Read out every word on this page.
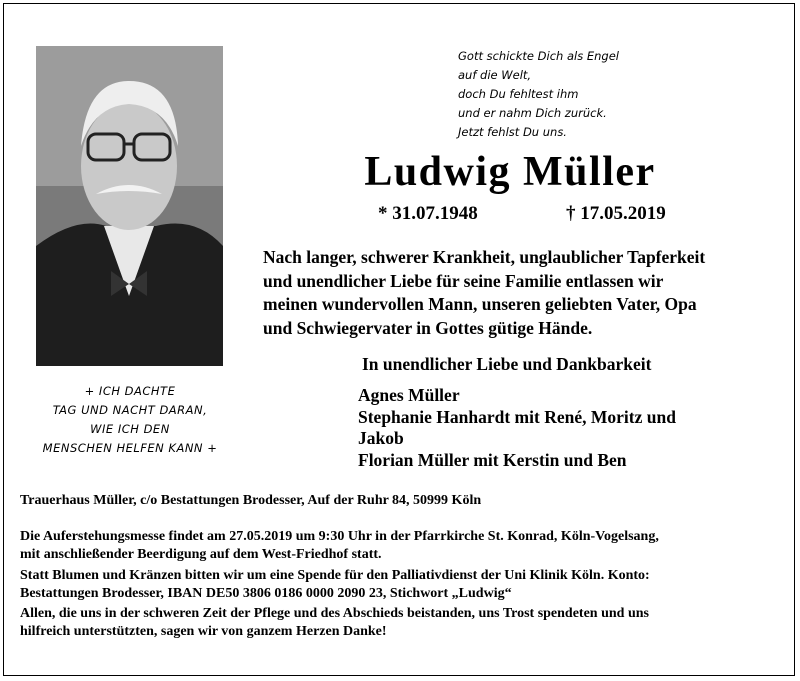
Gott schickte Dich als Engel
auf die Welt,
doch Du fehltest ihm
und er nahm Dich zurück.
Jetzt fehlst Du uns.
Ludwig Müller
* 31.07.1948	† 17.05.2019
Nach langer, schwerer Krankheit, unglaublicher Tapferkeit
und unendlicher Liebe für seine Familie entlassen wir
meinen wundervollen Mann, unseren geliebten Vater, Opa
und Schwiegervater in Gottes gütige Hände.
In unendlicher Liebe und Dankbarkeit
Agnes Müller
Stephanie Hanhardt mit René, Moritz und
Jakob
Florian Müller mit Kerstin und Ben
+ ICH DACHTE
TAG UND NACHT DARAN,
WIE ICH DEN
MENSCHEN HELFEN KANN +
Trauerhaus Müller, c/o Bestattungen Brodesser, Auf der Ruhr 84, 50999 Köln
Die Auferstehungsmesse findet am 27.05.2019 um 9:30 Uhr in der Pfarrkirche St. Konrad, Köln-Vogelsang,
mit anschließender Beerdigung auf dem West-Friedhof statt.
Statt Blumen und Kränzen bitten wir um eine Spende für den Palliativdienst der Uni Klinik Köln. Konto:
Bestattungen Brodesser, IBAN DE50 3806 0186 0000 2090 23, Stichwort „Ludwig“
Allen, die uns in der schweren Zeit der Pflege und des Abschieds beistanden, uns Trost spendeten und uns
hilfreich unterstützten, sagen wir von ganzem Herzen Danke!
